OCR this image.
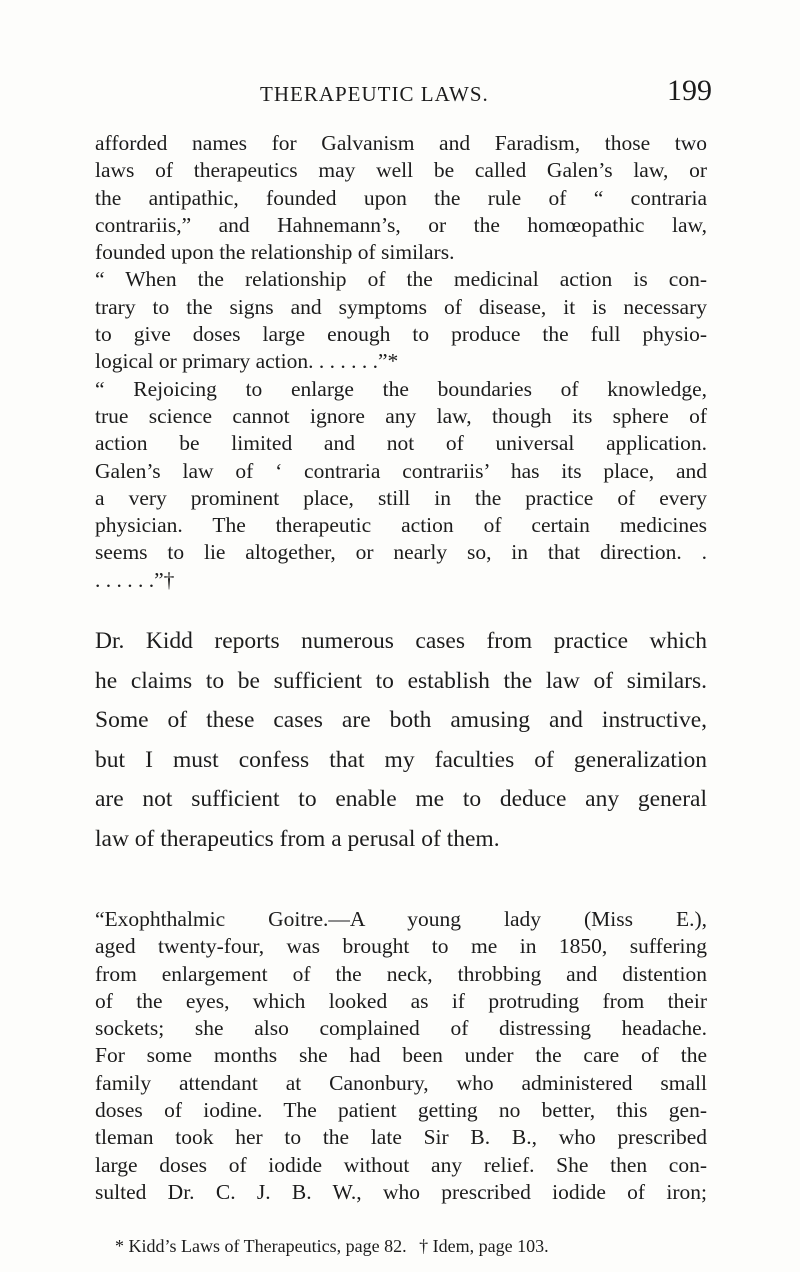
THERAPEUTIC LAWS.	199
afforded names for Galvanism and Faradism, those two
laws of therapeutics may well be called Galen’s law, or
the antipathic, founded upon the rule of “ contraria
contrariis,” and Hahnemann’s, or the homœopathic law,
founded upon the relationship of similars.
“ When the relationship of the medicinal action is con-
trary to the signs and symptoms of disease, it is necessary
to give doses large enough to produce the full physio-
logical or primary action. . . . . . .”*
“ Rejoicing to enlarge the boundaries of knowledge,
true science cannot ignore any law, though its sphere of
action be limited and not of universal application.
Galen’s law of ‘ contraria contrariis’ has its place, and
a very prominent place, still in the practice of every
physician. The therapeutic action of certain medicines
seems to lie altogether, or nearly so, in that direction. .
. . . . . .”†
Dr. Kidd reports numerous cases from practice which
he claims to be sufficient to establish the law of similars.
Some of these cases are both amusing and instructive,
but I must confess that my faculties of generalization
are not sufficient to enable me to deduce any general
law of therapeutics from a perusal of them.
“Exophthalmic Goitre.—A young lady (Miss E.),
aged twenty-four, was brought to me in 1850, suffering
from enlargement of the neck, throbbing and distention
of the eyes, which looked as if protruding from their
sockets; she also complained of distressing headache.
For some months she had been under the care of the
family attendant at Canonbury, who administered small
doses of iodine. The patient getting no better, this gen-
tleman took her to the late Sir B. B., who prescribed
large doses of iodide without any relief. She then con-
sulted Dr. C. J. B. W., who prescribed iodide of iron;
* Kidd’s Laws of Therapeutics, page 82. † Idem, page 103.
